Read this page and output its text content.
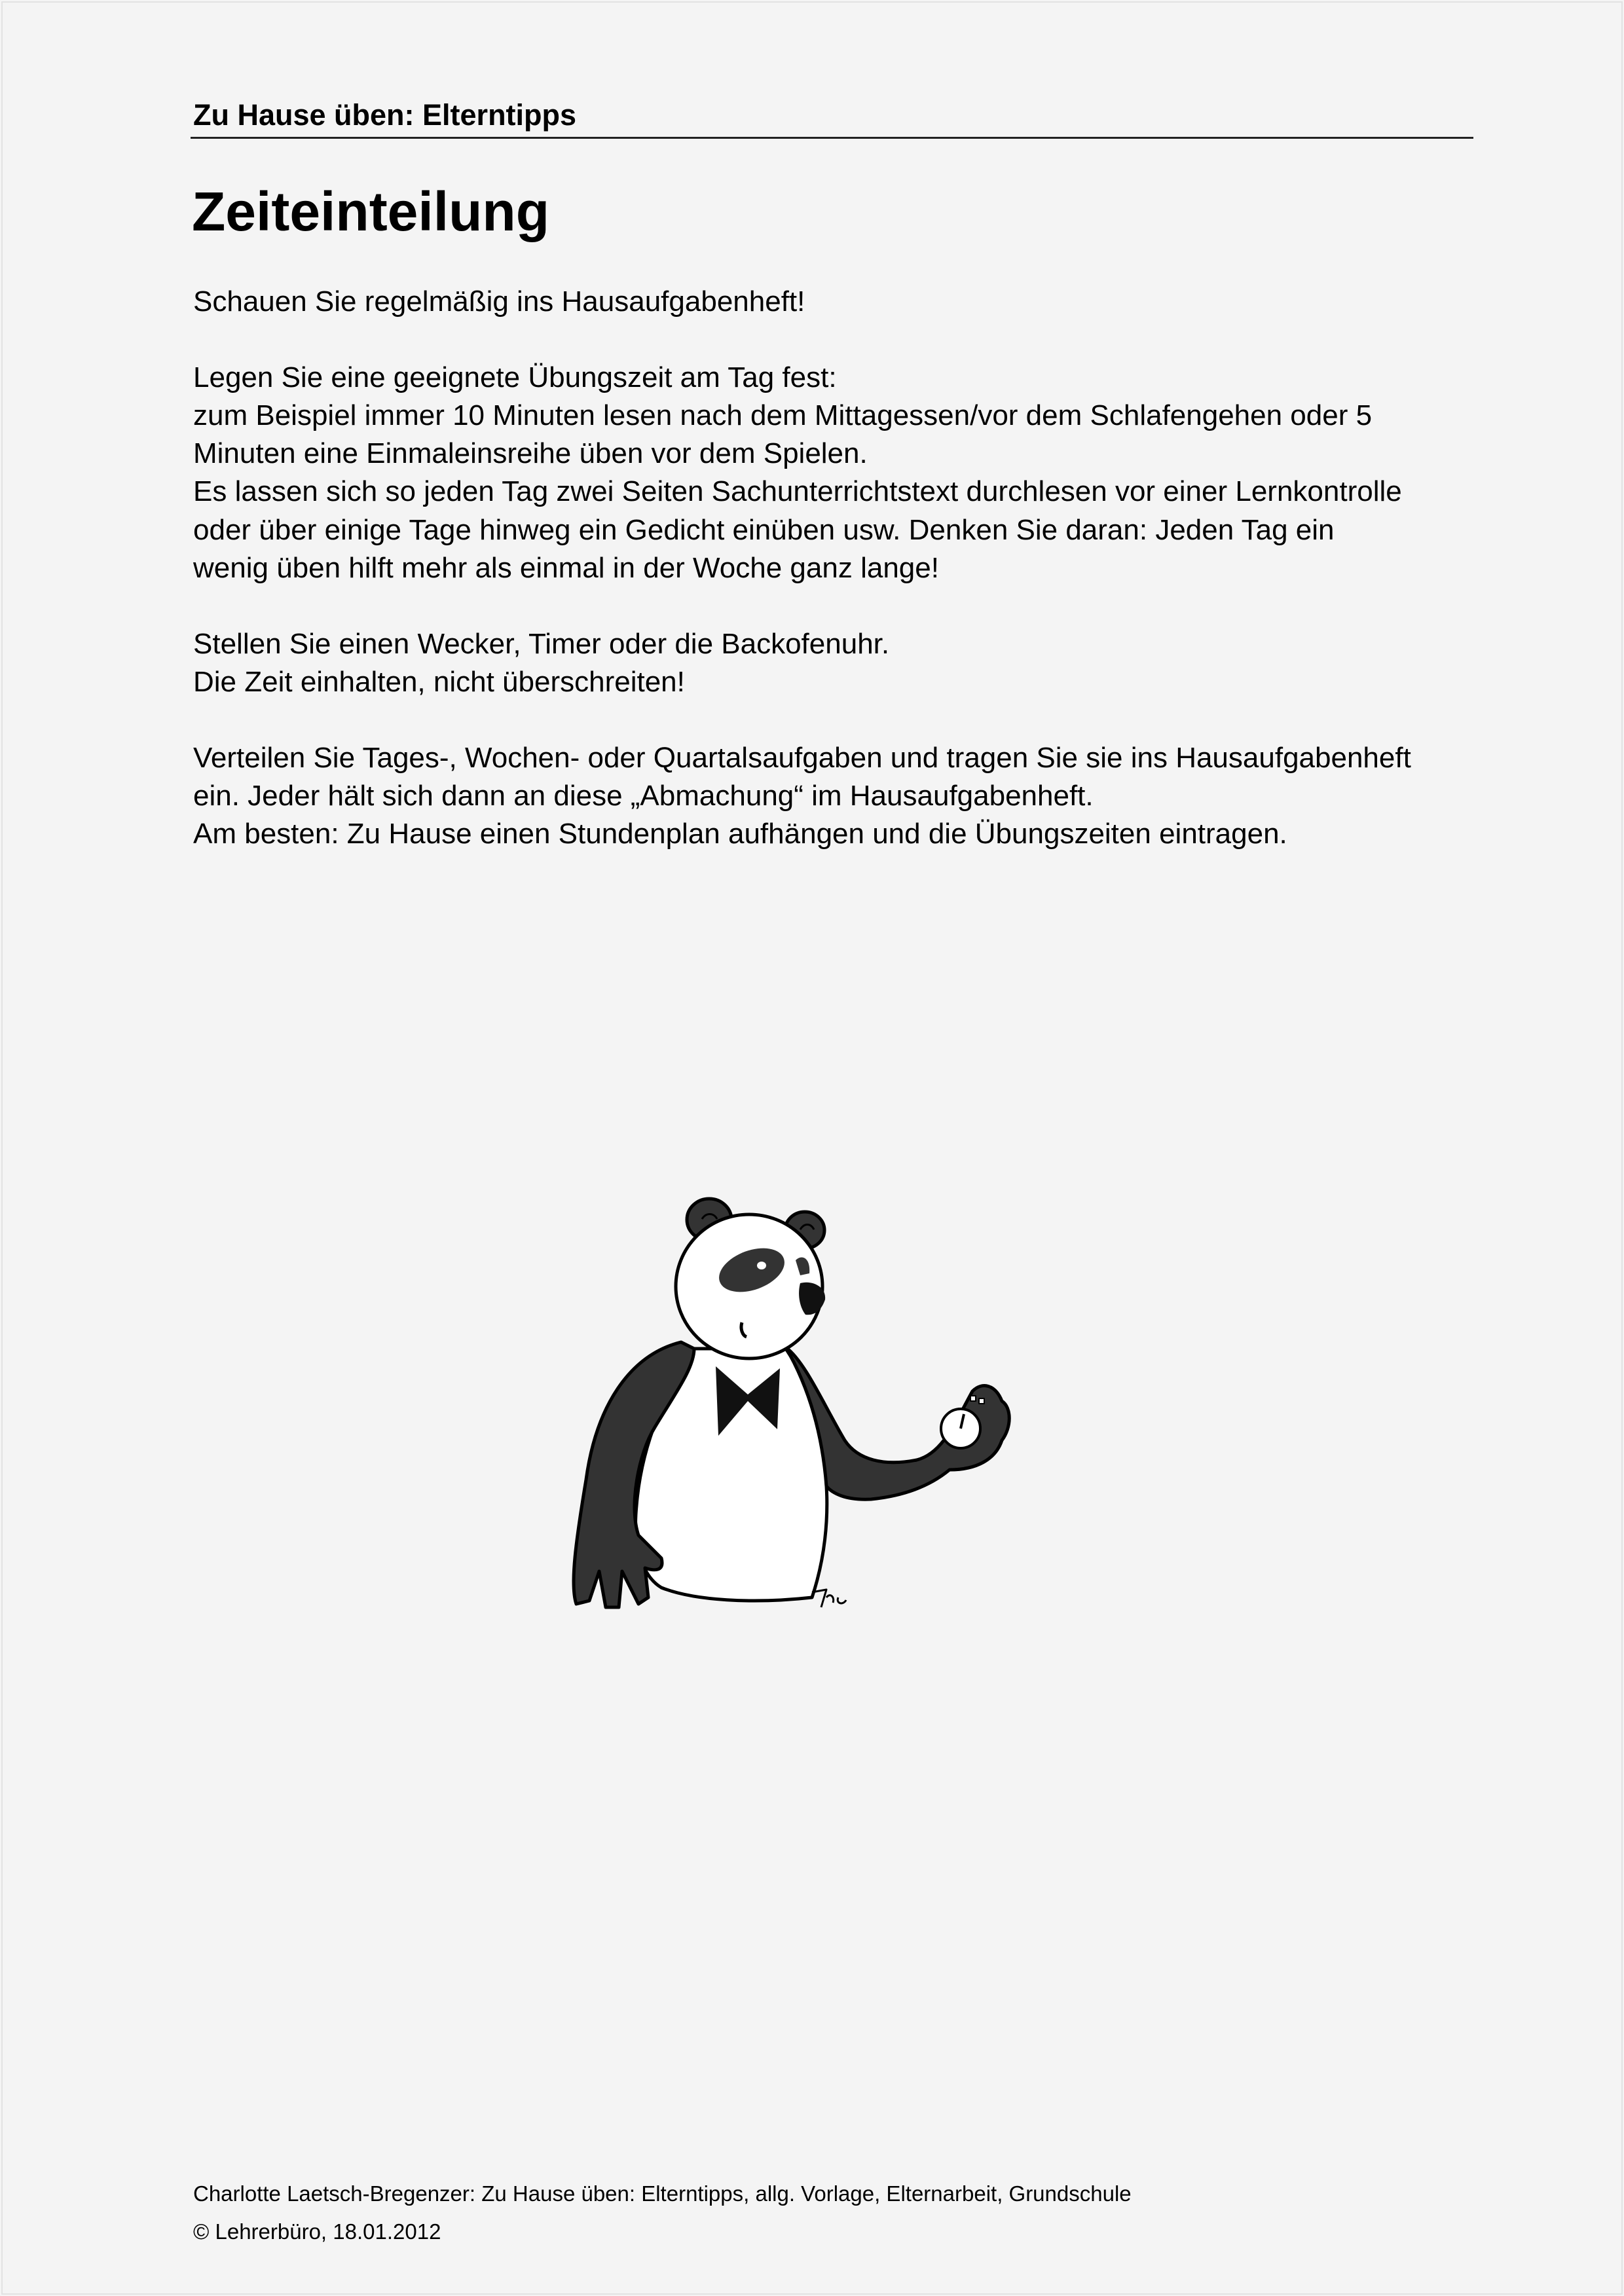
Zu Hause üben: Elterntipps
Zeiteinteilung
Schauen Sie regelmäßig ins Hausaufgabenheft!
Legen Sie eine geeignete Übungszeit am Tag fest:
zum Beispiel immer 10 Minuten lesen nach dem Mittagessen/vor dem Schlafengehen oder 5
Minuten eine Einmaleinsreihe üben vor dem Spielen.
Es lassen sich so jeden Tag zwei Seiten Sachunterrichtstext durchlesen vor einer Lernkontrolle
oder über einige Tage hinweg ein Gedicht einüben usw. Denken Sie daran: Jeden Tag ein
wenig üben hilft mehr als einmal in der Woche ganz lange!
Stellen Sie einen Wecker, Timer oder die Backofenuhr.
Die Zeit einhalten, nicht überschreiten!
Verteilen Sie Tages-, Wochen- oder Quartalsaufgaben und tragen Sie sie ins Hausaufgabenheft
ein. Jeder hält sich dann an diese „Abmachung“ im Hausaufgabenheft.
Am besten: Zu Hause einen Stundenplan aufhängen und die Übungszeiten eintragen.
Charlotte Laetsch-Bregenzer: Zu Hause üben: Elterntipps, allg. Vorlage, Elternarbeit, Grundschule
© Lehrerbüro, 18.01.2012
